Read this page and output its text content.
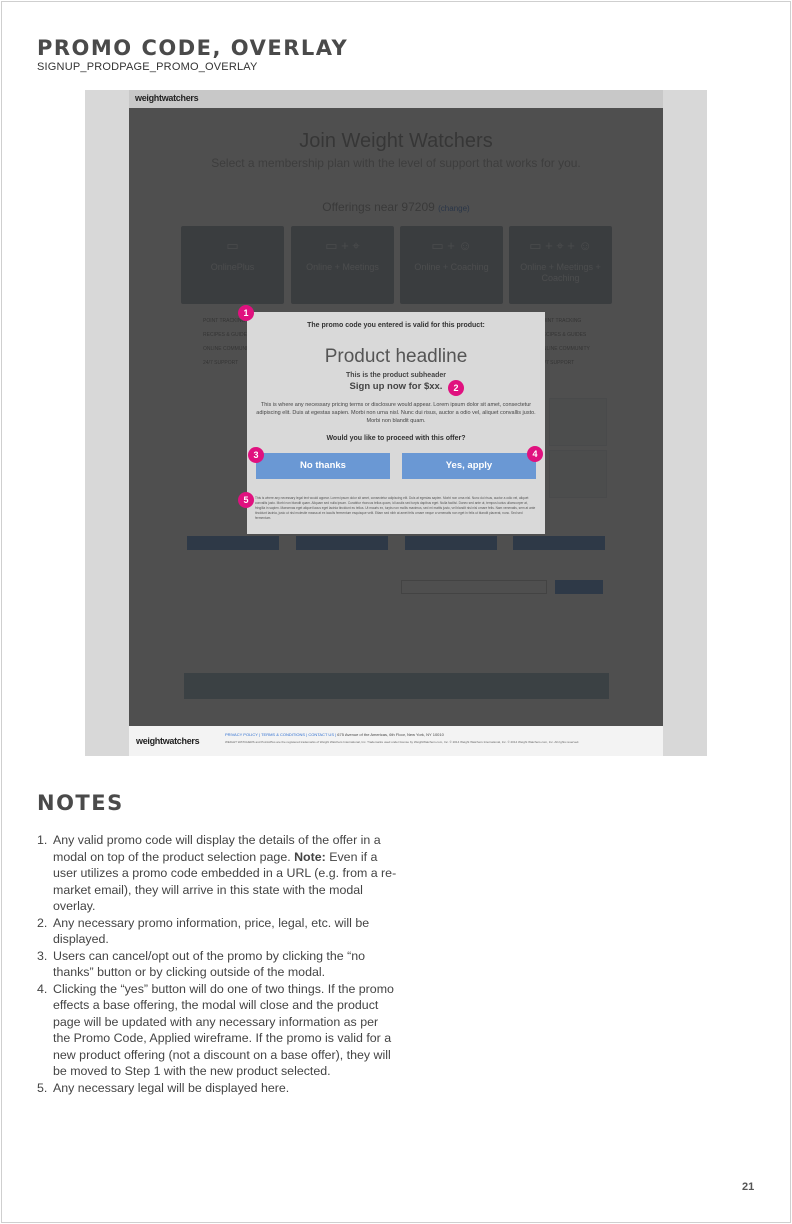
PROMO CODE, OVERLAY
SIGNUP_PRODPAGE_PROMO_OVERLAY
weightwatchers
weightwatchers
PRIVACY POLICY | TERMS & CONDITIONS | CONTACT US | 675 Avenue of the Americas, 6th Floor, New York, NY 10010
WEIGHT WATCHERS and PointsPlus are the registered trademarks of Weight Watchers International, Inc. Trademarks used under license by WeightWatchers.com, Inc. © 2014 Weight Watchers International, Inc. © 2014 Weight Watchers.com, Inc. All rights reserved.
The promo code you entered is valid for this product:
Product headline
This is the product subheader
Sign up now for $xx.
This is where any necessary pricing terms or disclosure would appear. Lorem ipsum dolor sit amet, consectetur adipiscing elit. Duis at egestas sapien. Morbi non urna nisl. Nunc dui risus, auctor a odio vel, aliquet convallis justo. Morbi non blandit quam.
Would you like to proceed with this offer?
No thanks	Yes, apply
This is where any necessary legal text would appear. Lorem ipsum dolor sit amet, consectetur adipiscing elit. Duis at egestas sapien. Morbi non urna nisl. Nunc dui risus, auctor a odio vel, aliquet convallis justo. Morbi non blandit quam. Aliquam sed nulla ipsum. Curabitur rhoncus tellus quam, id iaculis sed turpis dapibus eget. Nulla facilisi. Donec sed ante ut, tempus luctus ullamcorper at, fringilla in sapien. Maecenas eget aliquet lacus eget lacinia tincidunt eu tellus. Ut mauris ex, turpis non mollis maximus, sed mi mattis justo, vel blandit nisl nisi ornare felis. Nam venenatis, sem at ante tincidunt lacinia, justo ut nisl molestie massa at ex iaculis fermentum esquisque velit. Etiam sed nibh at amet felis ornare neque a venenatis non eget in felis ut blandit placerat, nunc. Sed sed fermentum.
1
2
3	4
5
NOTES
1. Any valid promo code will display the details of the offer in a modal on top of the product selection page. Note: Even if a user utilizes a promo code embedded in a URL (e.g. from a re-market email), they will arrive in this state with the modal overlay.
2. Any necessary promo information, price, legal, etc. will be displayed.
3. Users can cancel/opt out of the promo by clicking the “no thanks” button or by clicking outside of the modal.
4. Clicking the “yes” button will do one of two things. If the promo effects a base offering, the modal will close and the product page will be updated with any necessary information as per the Promo Code, Applied wireframe. If the promo is valid for a new product offering (not a discount on a base offer), they will be moved to Step 1 with the new product selected.
5. Any necessary legal will be displayed here.
21
